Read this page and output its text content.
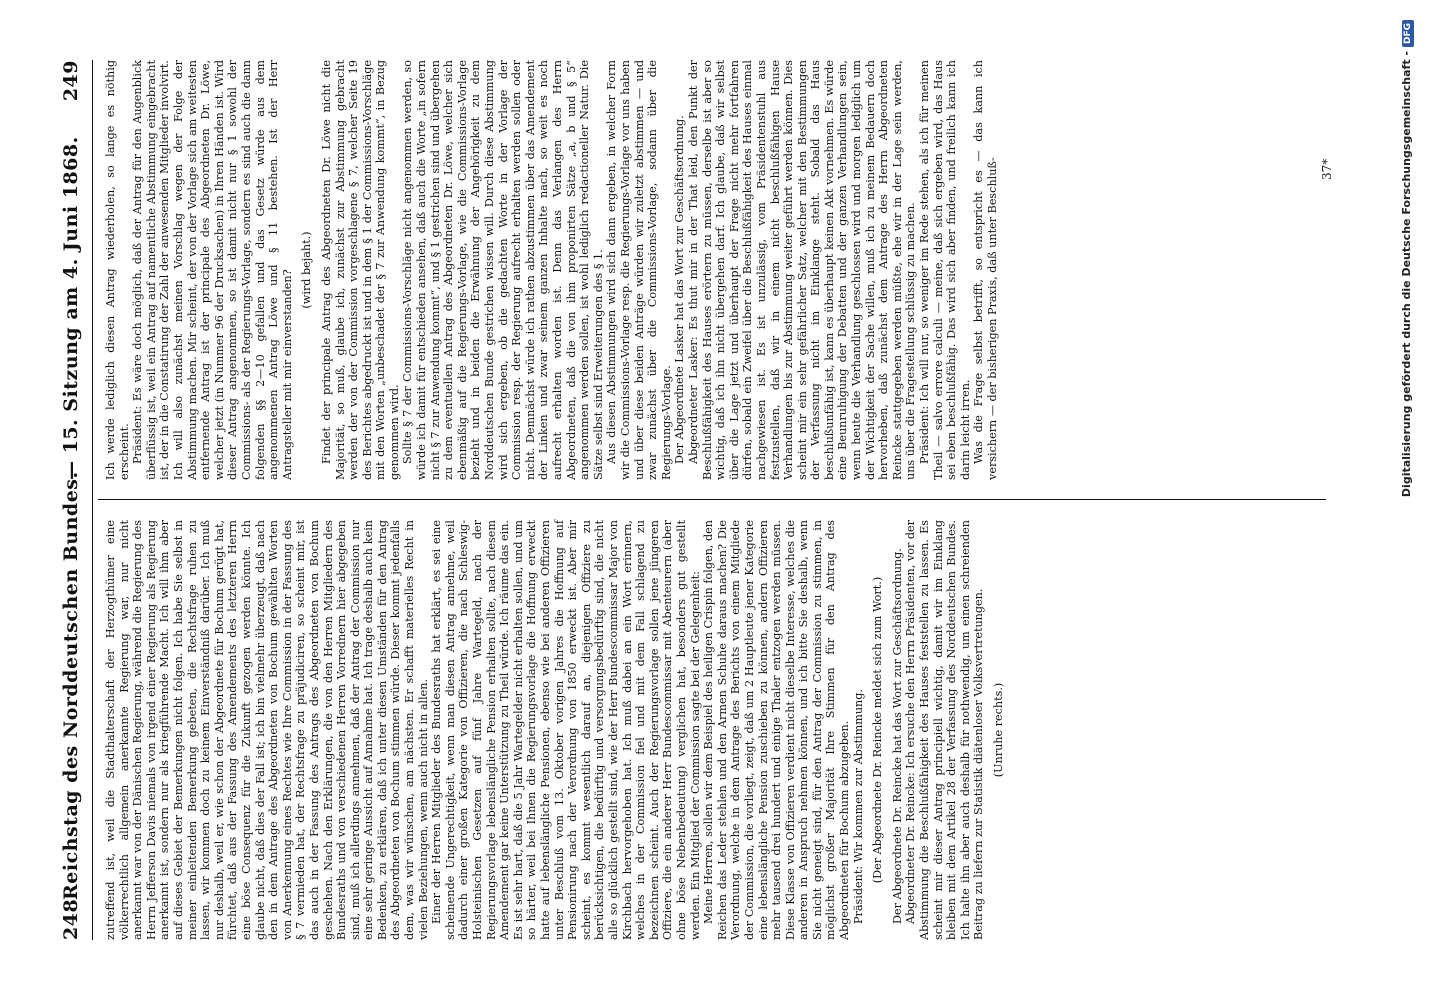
248
Reichstag des Norddeutschen Bundes.
— 15. Sitzung am 4. Juni 1868.
249

zutreffend ist, weil die Stadthalterschaft der Herzogthümer eine völkerrechtlich allgemein anerkannte Regierung war, nur nicht anerkannt war von der Dänischen Regierung, während die Regierung des Herrn Jefferson Davis niemals von irgend einer Regierung als Regierung anerkannt ist, sondern nur als kriegführende Macht. Ich will ihm aber auf dieses Gebiet der Bemerkungen nicht folgen. Ich habe Sie selbst in meiner einleitenden Bemerkung gebeten, die Rechtsfrage ruhen zu lassen, wir kommen doch zu keinem Einverständniß darüber. Ich muß nur deshalb, weil er, wie schon der Abgeordnete für Bochum gerügt hat, fürchtet, daß aus der Fassung des Amendements des letzteren Herrn eine böse Consequenz für die Zukunft gezogen werden könnte. Ich glaube nicht, daß dies der Fall ist; ich bin vielmehr überzeugt, daß nach den in dem Antrage des Abgeordneten von Bochum gewählten Worten von Anerkennung eines Rechtes wie Ihre Commission in der Fassung des § 7 vermieden hat, der Rechtsfrage zu präjudiciren, so scheint mir, ist das auch in der Fassung des Antrags des Abgeordneten von Bochum geschehen. Nach den Erklärungen, die von den Herren Mitgliedern des Bundesraths und von verschiedenen Herren Vorrednern hier abgegeben sind, muß ich allerdings annehmen, daß der Antrag der Commission nur eine sehr geringe Aussicht auf Annahme hat. Ich trage deshalb auch kein Bedenken, zu erklären, daß ich unter diesen Umständen für den Antrag des Abgeordneten von Bochum stimmen würde. Dieser kommt jedenfalls dem, was wir wünschen, am nächsten. Er schafft materielles Recht in vielen Beziehungen, wenn auch nicht in allen. Einer der Herren Mitglieder des Bundesraths hat erklärt, es sei eine scheinende Ungerechtigkeit, wenn man diesen Antrag annehme, weil dadurch einer großen Kategorie von Offizieren, die nach Schleswig-Holsteinischen Gesetzen auf fünf Jahre Wartegeld, nach der Regierungsvorlage lebenslängliche Pension erhalten sollte, nach diesem Amendement gar keine Unterstützung zu Theil würde. Ich räume das ein. Es ist sehr hart, daß die 5 Jahr Wartegelder nicht erhalten sollen, und um so härter, weil bei Ihnen die Regierungsvorlage die Hoffnung erweckt hatte auf lebenslängliche Pensionen, ebenso wie bei anderen Offizieren unter Beschluß vom 13. Oktober vorigen Jahres die Hoffnung auf Pensionirung nach der Verordnung von 1850 erweckt ist. Aber mir scheint, es kommt wesentlich darauf an, diejenigen Offiziere zu berücksichtigen, die bedürftig und versorgungsbedürftig sind, die nicht alle so glücklich gestellt sind, wie der Herr Bundescommissar Major von Kirchbach hervorgehoben hat. Ich muß dabei an ein Wort erinnern, welches in der Commission fiel und mit dem Fall schlagend zu bezeichnen scheint. Auch der Regierungsvorlage sollen jene jüngeren Offiziere, die ein anderer Herr Bundescommissar mit Abenteurern (aber ohne böse Nebenbedeutung) verglichen hat, besonders gut gestellt werden. Ein Mitglied der Commission sagte bei der Gelegenheit: Meine Herren, sollen wir dem Beispiel des heiligen Crispin folgen, den Reichen das Leder stehlen und den Armen Schuhe daraus machen? Die Verordnung, welche in dem Antrage des Berichts von einem Mitgliede der Commission, die vorliegt, zeigt, daß um 2 Hauptleute jener Kategorie eine lebenslängliche Pension zuschieben zu können, andern Offizieren mehr tausend drei hundert und einige Thaler entzogen werden müssen. Diese Klasse von Offizieren verdient nicht dieselbe Interesse, welches die anderen in Anspruch nehmen können, und ich bitte Sie deshalb, wenn Sie nicht geneigt sind, für den Antrag der Commission zu stimmen, in möglichst großer Majorität Ihre Stimmen für den Antrag des Abgeordneten für Bochum abzugeben. Präsident: Wir kommen zur Abstimmung. (Der Abgeordnete Dr. Reincke meldet sich zum Wort.) Der Abgeordnete Dr. Reincke hat das Wort zur Geschäftsordnung. Abgeordneter Dr. Reincke: Ich ersuche den Herrn Präsidenten, vor der Abstimmung die Beschlußfähigkeit des Hauses feststellen zu lassen. Es scheint mir dieser Antrag principiell wichtig, damit wir im Einklang bleiben mit dem Artikel 28 der Verfassung des Norddeutschen Bundes. Ich halte ihn aber auch deshalb für nothwendig, um einen schreienden Beitrag zu liefern zur Statistik diätenloser Volksvertretungen. (Unruhe rechts.)

Ich werde lediglich diesen Antrag wiederholen, so lange es nöthig erscheint. Präsident: Es wäre doch möglich, daß der Antrag für den Augenblick überflüssig ist, weil ein Antrag auf namentliche Abstimmung eingebracht ist, der in die Constatirung der Zahl der anwesenden Mitglieder involvirt. Ich will also zunächst meinen Vorschlag wegen der Folge der Abstimmung machen. Mir scheint, der von der Vorlage sich am weitesten entfernende Antrag ist der principale des Abgeordneten Dr. Löwe, welcher jetzt (in Nummer 96 der Drucksachen) in Ihren Händen ist. Wird dieser Antrag angenommen, so ist damit nicht nur § 1 sowohl der Commissions- als der Regierungs-Vorlage, sondern es sind auch die dann folgenden §§ 2—10 gefallen und das Gesetz würde aus dem angenommenen Antrag Löwe und § 11 bestehen. Ist der Herr Antragsteller mit mir einverstanden? (wird bejaht.) Findet der principale Antrag des Abgeordneten Dr. Löwe nicht die Majorität, so muß, glaube ich, zunächst zur Abstimmung gebracht werden der von der Commission vorgeschlagene § 7, welcher Seite 19 des Berichtes abgedruckt ist und in dem § 1 der Commissions-Vorschläge mit den Worten „unbeschadet der § 7 zur Anwendung kommt“, in Bezug genommen wird. Sollte § 7 der Commissions-Vorschläge nicht angenommen werden, so würde ich damit für entschieden ansehen, daß auch die Worte „in sofern nicht § 7 zur Anwendung kommt“, und § 1 gestrichen sind und übergehen zu dem eventuellen Antrag des Abgeordneten Dr. Löwe, welcher sich ebenmäßig auf die Regierungs-Vorlage, wie die Commissions-Vorlage bezieht und in beiden die Erwähnung der Angehörigkeit zu dem Norddeutschen Bunde gestrichen wissen will. Durch diese Abstimmung wird sich ergeben, ob die gedachten Worte in der Vorlage der Commission resp. der Regierung aufrecht erhalten werden sollen oder nicht. Demnächst würde ich rathen abzustimmen über das Amendement der Linken und zwar seinem ganzen Inhalte nach, so weit es noch aufrecht erhalten worden ist. Denn das Verlangen des Herrn Abgeordneten, daß die von ihm proponirten Sätze „a, b und § 5“ angenommen werden sollen, ist wohl lediglich redactioneller Natur. Die Sätze selbst sind Erweiterungen des § 1. Aus diesen Abstimmungen wird sich dann ergeben, in welcher Form wir die Commissions-Vorlage resp. die Regierungs-Vorlage vor uns haben und über diese beiden Anträge würden wir zuletzt abstimmen — und zwar zunächst über die Commissions-Vorlage, sodann über die Regierungs-Vorlage. Der Abgeordnete Lasker hat das Wort zur Geschäftsordnung. Abgeordneter Lasker: Es thut mir in der That leid, den Punkt der Beschlußfähigkeit des Hauses erörtern zu müssen, derselbe ist aber so wichtig, daß ich ihn nicht übergehen darf. Ich glaube, daß wir selbst über die Lage jetzt und überhaupt der Frage nicht mehr fortfahren dürfen, sobald ein Zweifel über die Beschlußfähigkeit des Hauses einmal nachgewiesen ist. Es ist unzulässig, vom Präsidentenstuhl aus festzustellen, daß wir in einem nicht beschlußfähigen Hause Verhandlungen bis zur Abstimmung weiter geführt werden können. Dies scheint mir ein sehr gefährlicher Satz, welcher mit den Bestimmungen der Verfassung nicht im Einklange steht. Sobald das Haus beschlußunfähig ist, kann es überhaupt keinen Akt vornehmen. Es würde eine Beunruhigung der Debatten und der ganzen Verhandlungen sein, wenn heute die Verhandlung geschlossen wird und morgen lediglich um der Wichtigkeit der Sache willen, muß ich zu meinem Bedauern doch hervorheben, daß zunächst dem Antrage des Herrn Abgeordneten Reincke stattgegeben werden müßte, ehe wir in der Lage sein werden, uns über die Fragestellung schlüssig zu machen. Präsident: Ich will nur, so weniger im Rede stehen, als ich für meinen Theil — salvo errore calculi — meine, daß sich ergeben wird, das Haus sei eben beschlußfähig. Das wird sich aber finden, und freilich kann ich darin leicht irren. Was die Frage selbst betrifft, so entspricht es — das kann ich versichern — der bisherigen Praxis, daß unter Beschluß-	37*	Digitalisierung gefördert durch die Deutsche Forschungsgemeinschaft -DFG
